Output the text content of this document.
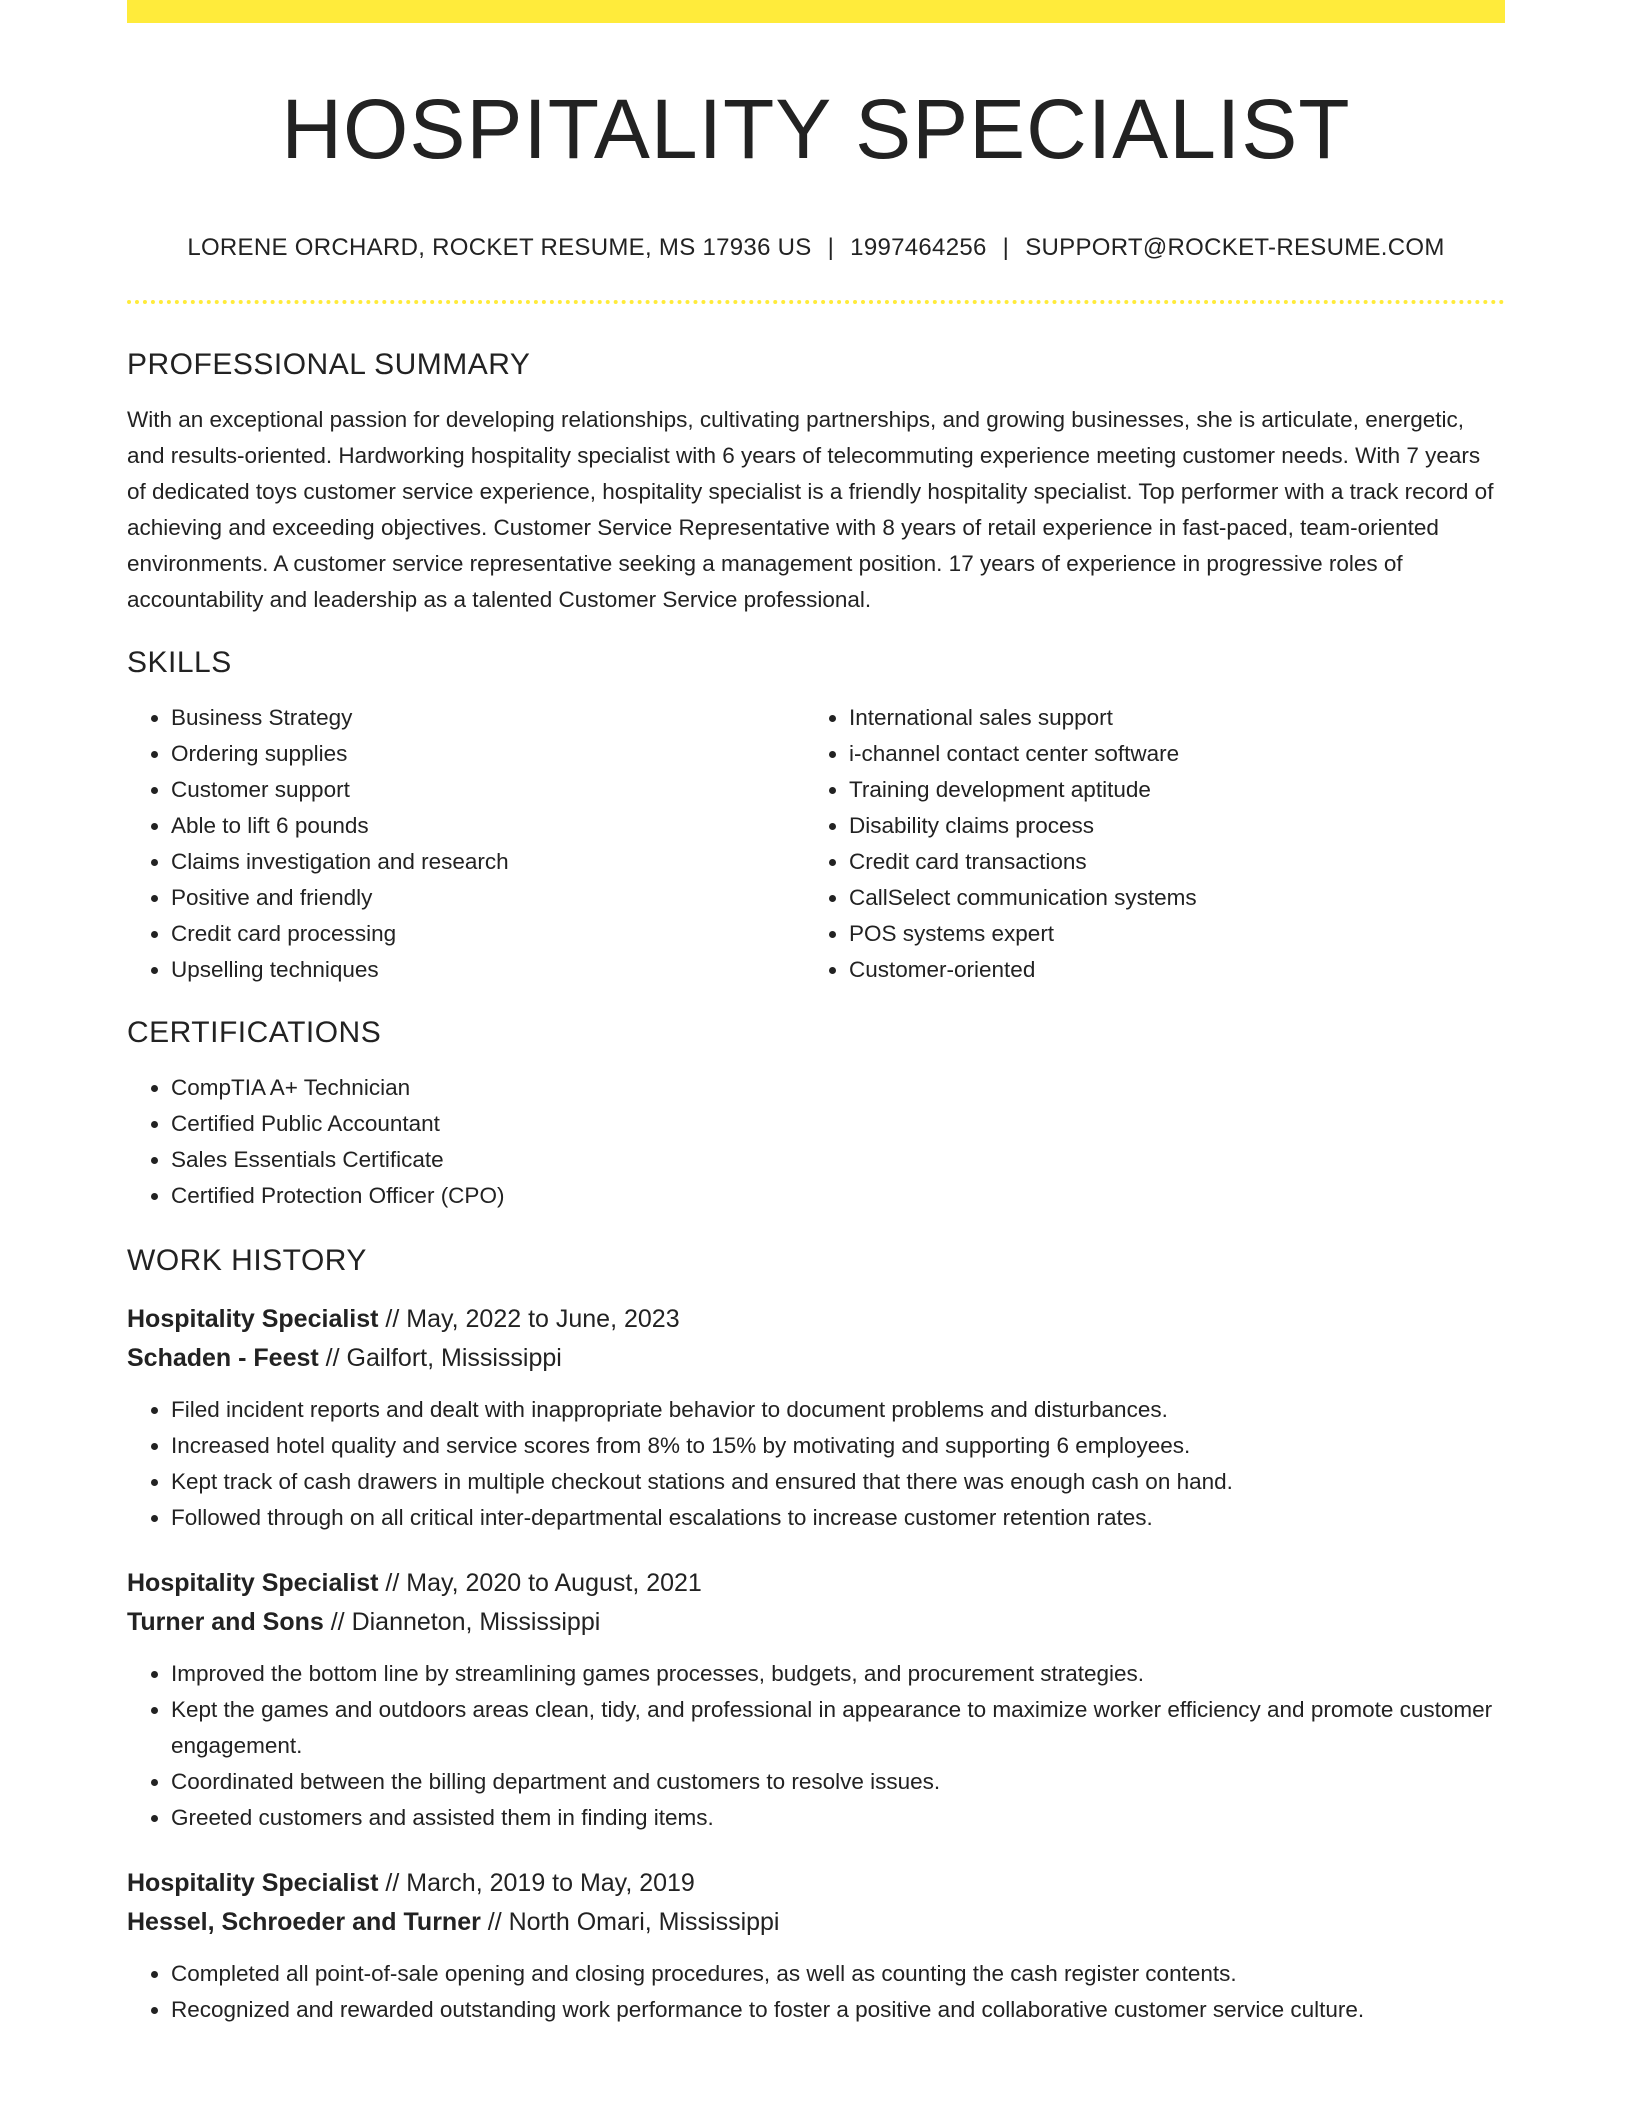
HOSPITALITY SPECIALIST
LORENE ORCHARD, ROCKET RESUME, MS 17936 US | 1997464256 | SUPPORT@ROCKET-RESUME.COM
PROFESSIONAL SUMMARY
With an exceptional passion for developing relationships, cultivating partnerships, and growing businesses, she is articulate, energetic, and results-oriented. Hardworking hospitality specialist with 6 years of telecommuting experience meeting customer needs. With 7 years of dedicated toys customer service experience, hospitality specialist is a friendly hospitality specialist. Top performer with a track record of achieving and exceeding objectives. Customer Service Representative with 8 years of retail experience in fast-paced, team-oriented environments. A customer service representative seeking a management position. 17 years of experience in progressive roles of accountability and leadership as a talented Customer Service professional.
SKILLS
• Business Strategy
• Ordering supplies
• Customer support
• Able to lift 6 pounds
• Claims investigation and research
• Positive and friendly
• Credit card processing
• Upselling techniques
• International sales support
• i-channel contact center software
• Training development aptitude
• Disability claims process
• Credit card transactions
• CallSelect communication systems
• POS systems expert
• Customer-oriented
CERTIFICATIONS
• CompTIA A+ Technician
• Certified Public Accountant
• Sales Essentials Certificate
• Certified Protection Officer (CPO)
WORK HISTORY
Hospitality Specialist // May, 2022 to June, 2023
Schaden - Feest // Gailfort, Mississippi
• Filed incident reports and dealt with inappropriate behavior to document problems and disturbances.
• Increased hotel quality and service scores from 8% to 15% by motivating and supporting 6 employees.
• Kept track of cash drawers in multiple checkout stations and ensured that there was enough cash on hand.
• Followed through on all critical inter-departmental escalations to increase customer retention rates.
Hospitality Specialist // May, 2020 to August, 2021
Turner and Sons // Dianneton, Mississippi
• Improved the bottom line by streamlining games processes, budgets, and procurement strategies.
• Kept the games and outdoors areas clean, tidy, and professional in appearance to maximize worker efficiency and promote customer engagement.
• Coordinated between the billing department and customers to resolve issues.
• Greeted customers and assisted them in finding items.
Hospitality Specialist // March, 2019 to May, 2019
Hessel, Schroeder and Turner // North Omari, Mississippi
• Completed all point-of-sale opening and closing procedures, as well as counting the cash register contents.
• Recognized and rewarded outstanding work performance to foster a positive and collaborative customer service culture.
